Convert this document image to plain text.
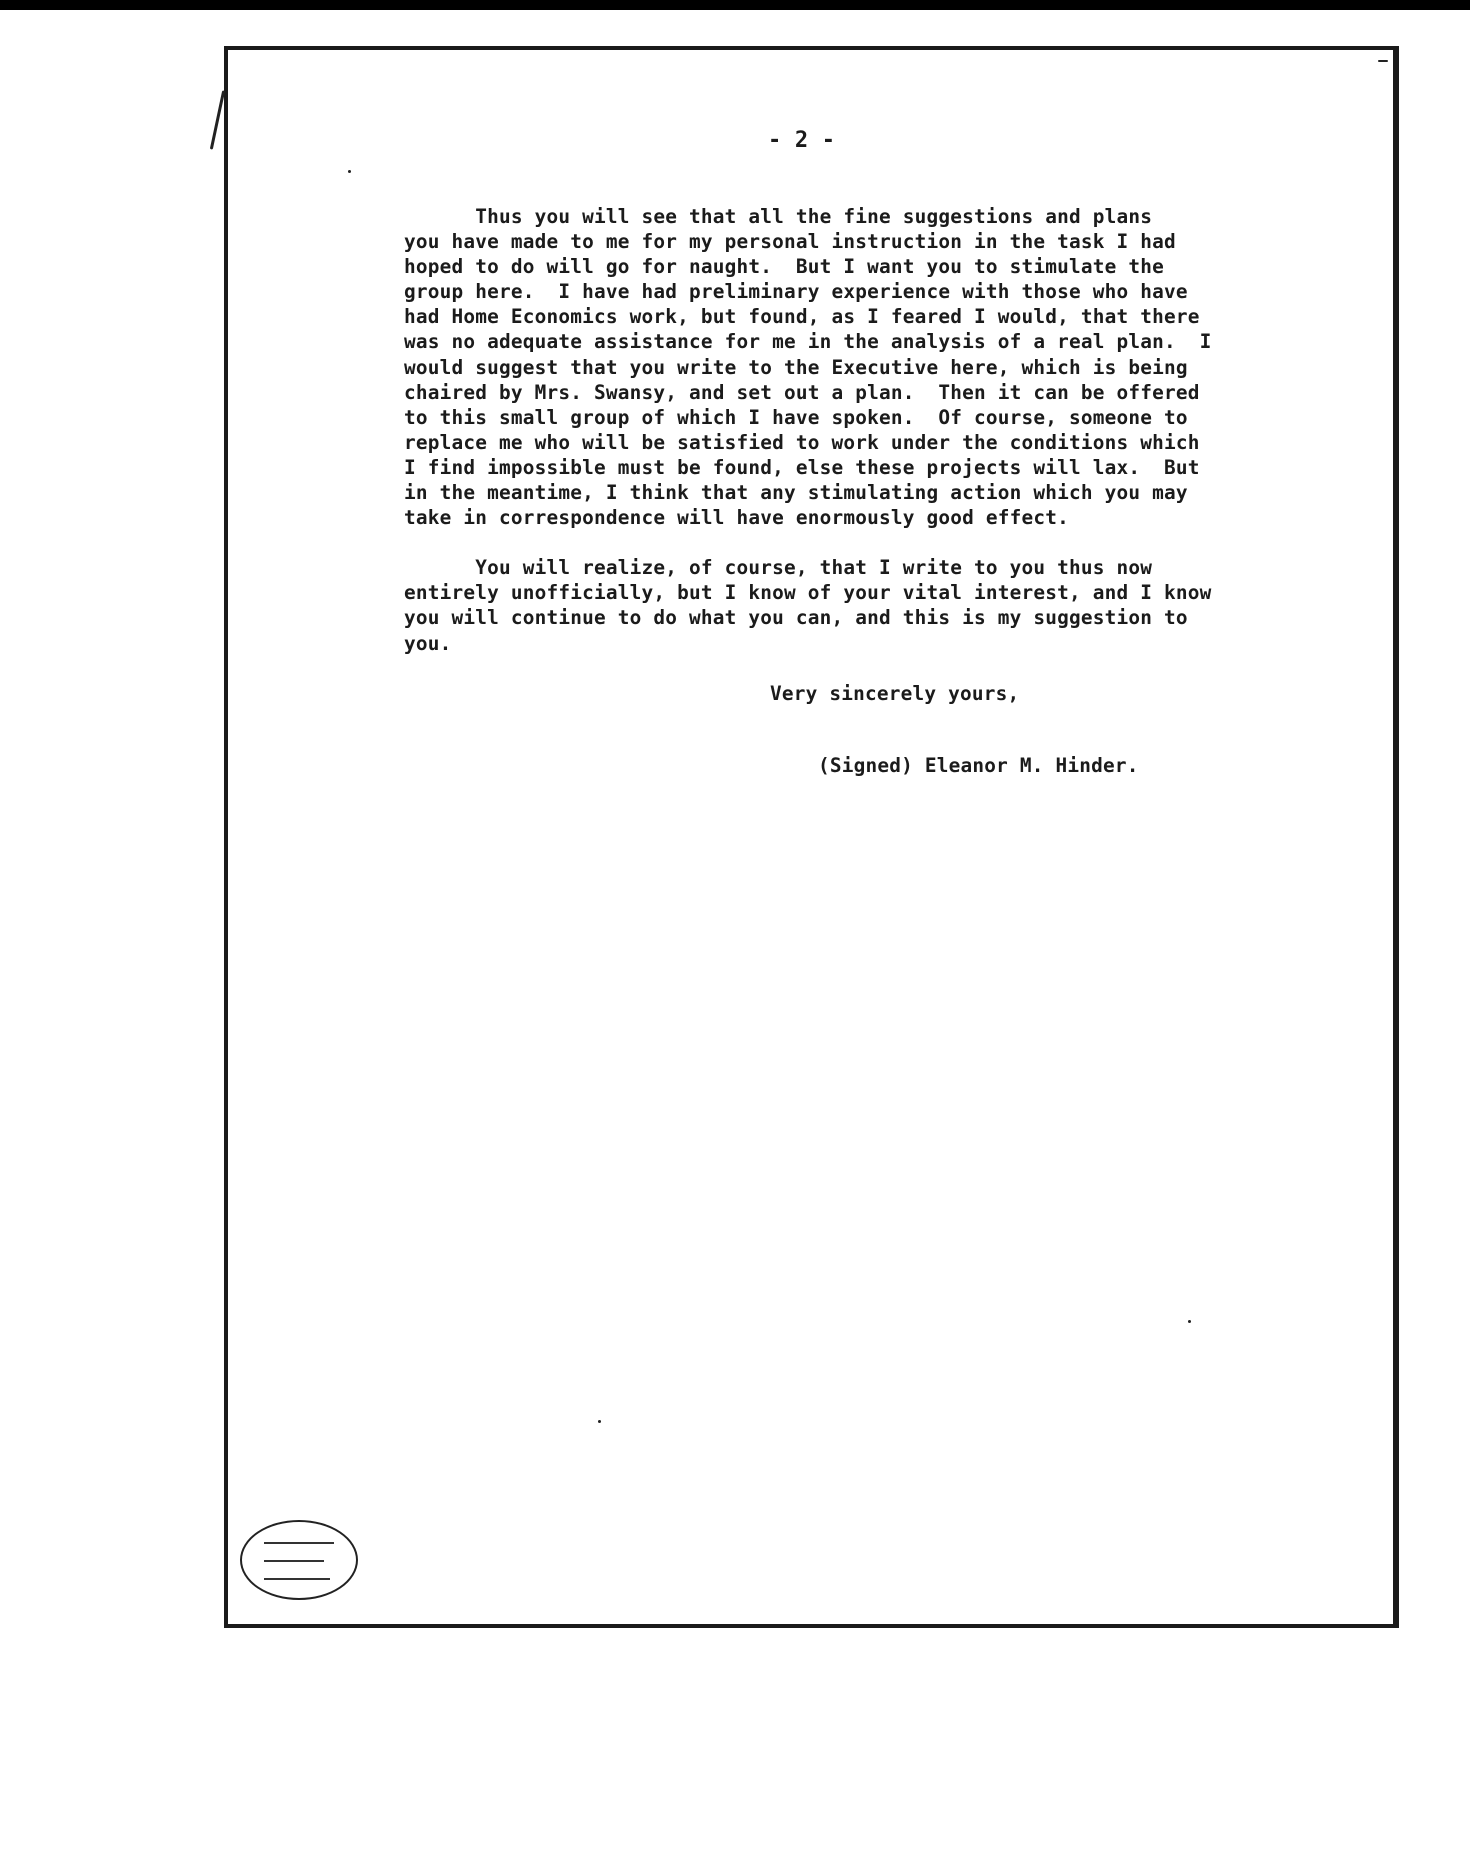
- 2 -

Thus you will see that all the fine suggestions and plans
you have made to me for my personal instruction in the task I had
hoped to do will go for naught.  But I want you to stimulate the
group here.  I have had preliminary experience with those who have
had Home Economics work, but found, as I feared I would, that there
was no adequate assistance for me in the analysis of a real plan.  I
would suggest that you write to the Executive here, which is being
chaired by Mrs. Swansy, and set out a plan.  Then it can be offered
to this small group of which I have spoken.  Of course, someone to
replace me who will be satisfied to work under the conditions which
I find impossible must be found, else these projects will lax.  But
in the meantime, I think that any stimulating action which you may
take in correspondence will have enormously good effect.

You will realize, of course, that I write to you thus now
entirely unofficially, but I know of your vital interest, and I know
you will continue to do what you can, and this is my suggestion to
you.

Very sincerely yours,

(Signed) Eleanor M. Hinder.
